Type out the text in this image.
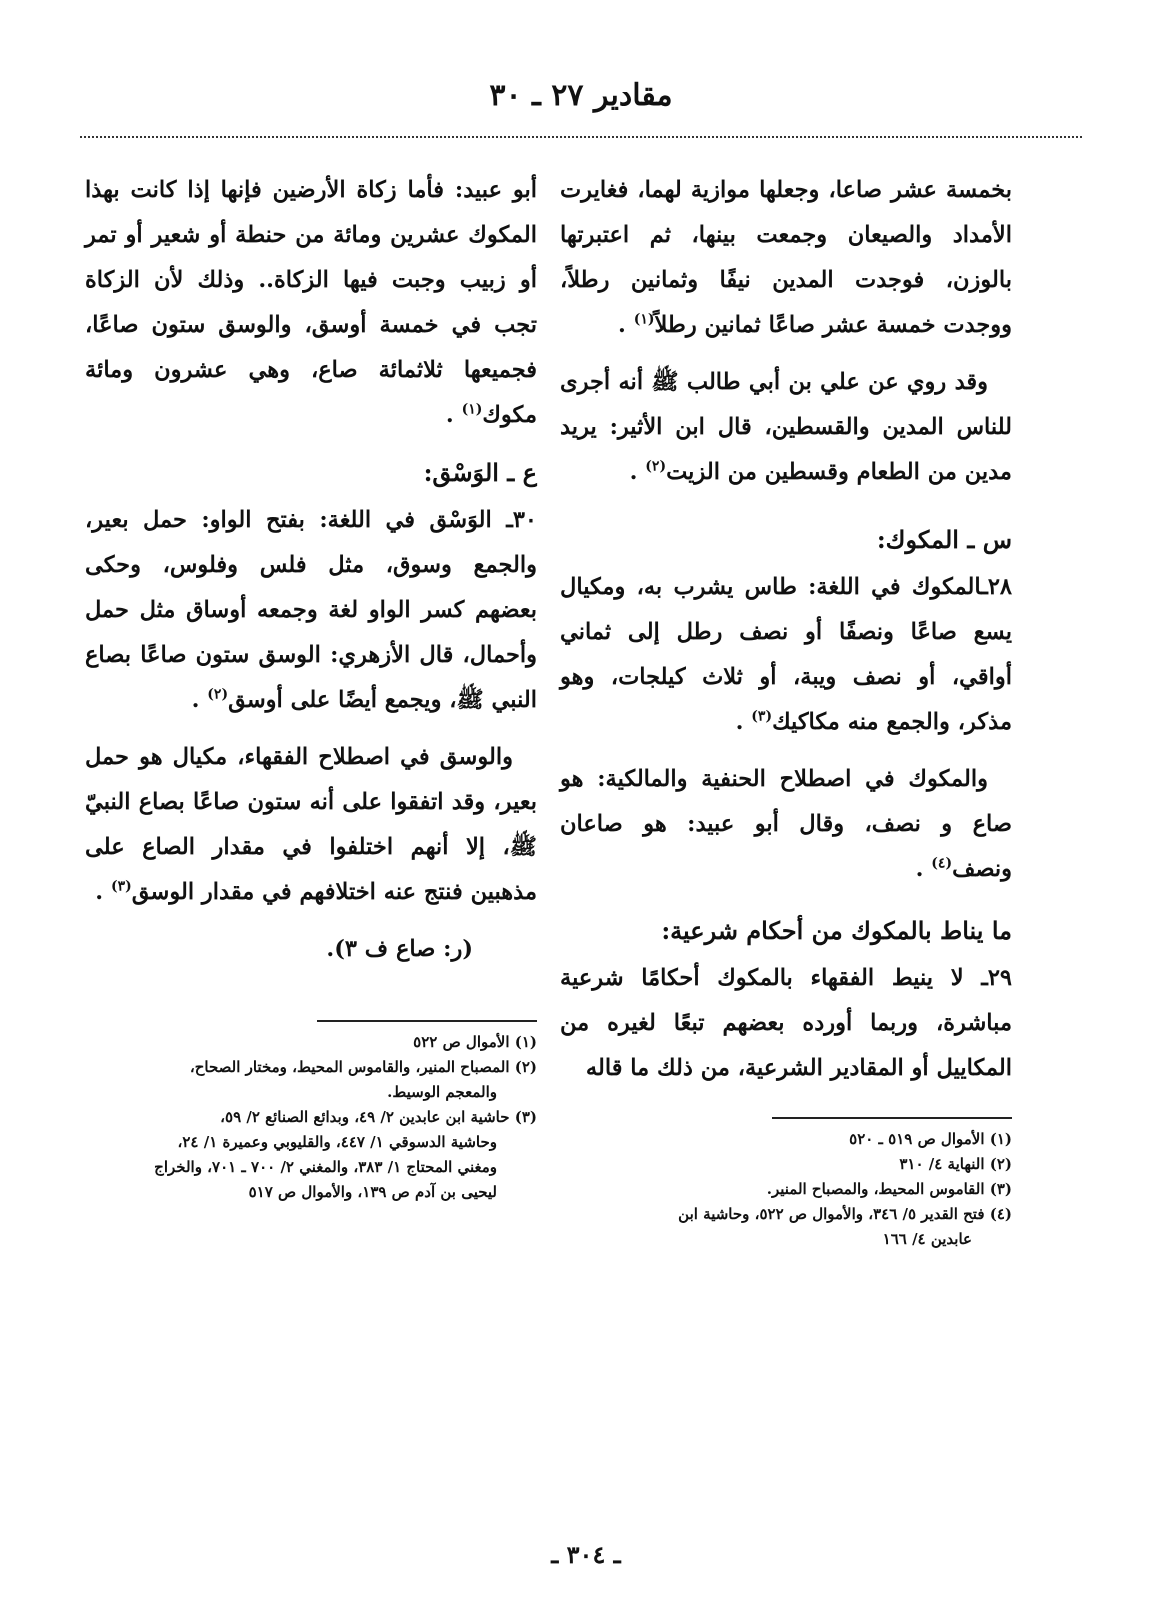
مقادير ٢٧ ـ ٣٠

بخمسة عشر صاعا، وجعلها موازية لهما، فغايرت الأمداد والصيعان وجمعت بينها، ثم اعتبرتها بالوزن، فوجدت المدين نيفًا وثمانين رطلاً، ووجدت خمسة عشر صاعًا ثمانين رطلاً$^{(١)}$ .

وقد روي عن علي بن أبي طالب ﷺ أنه أجرى للناس المدين والقسطين، قال ابن الأثير: يريد مدين من الطعام وقسطين من الزيت$^{(٢)}$ .

س ـ المكوك:

٢٨ـالمكوك في اللغة: طاس يشرب به، ومكيال يسع صاعًا ونصفًا أو نصف رطل إلى ثماني أواقي، أو نصف ويبة، أو ثلاث كيلجات، وهو مذكر، والجمع منه مكاكيك$^{(٣)}$ .

والمكوك في اصطلاح الحنفية والمالكية: هو صاع و نصف، وقال أبو عبيد: هو صاعان ونصف$^{(٤)}$ .

ما يناط بالمكوك من أحكام شرعية:

٢٩ـ لا ينيط الفقهاء بالمكوك أحكامًا شرعية مباشرة، وربما أورده بعضهم تبعًا لغيره من المكاييل أو المقادير الشرعية، من ذلك ما قاله

(١) الأموال ص ٥١٩ ـ ٥٢٠

(٢) النهاية ٤/ ٣١٠

(٣) القاموس المحيط، والمصباح المنير.

(٤) فتح القدير ٥/ ٣٤٦، والأموال ص ٥٢٢، وحاشية ابن

عابدين ٤/ ١٦٦

أبو عبيد: فأما زكاة الأرضين فإنها إذا كانت بهذا المكوك عشرين ومائة من حنطة أو شعير أو تمر أو زبيب وجبت فيها الزكاة.. وذلك لأن الزكاة تجب في خمسة أوسق، والوسق ستون صاعًا، فجميعها ثلاثمائة صاع، وهي عشرون ومائة مكوك$^{(١)}$ .

ع ـ الوَسْق:

٣٠ـ الوَسْق في اللغة: بفتح الواو: حمل بعير، والجمع وسوق، مثل فلس وفلوس، وحكى بعضهم كسر الواو لغة وجمعه أوساق مثل حمل وأحمال، قال الأزهري: الوسق ستون صاعًا بصاع النبي ﷺ، ويجمع أيضًا على أوسق$^{(٢)}$ .

والوسق في اصطلاح الفقهاء، مكيال هو حمل بعير، وقد اتفقوا على أنه ستون صاعًا بصاع النبيّ ﷺ، إلا أنهم اختلفوا في مقدار الصاع على مذهبين فنتج عنه اختلافهم في مقدار الوسق$^{(٣)}$ .

(ر: صاع ف ٣).

(١) الأموال ص ٥٢٢

(٢) المصباح المنير، والقاموس المحيط، ومختار الصحاح،

والمعجم الوسيط.

(٣) حاشية ابن عابدين ٢/ ٤٩، وبدائع الصنائع ٢/ ٥٩،

وحاشية الدسوقي ١/ ٤٤٧، والقليوبي وعميرة ١/ ٢٤،

ومغني المحتاج ١/ ٣٨٣، والمغني ٢/ ٧٠٠ ـ ٧٠١، والخراج

ليحيى بن آدم ص ١٣٩، والأموال ص ٥١٧

ـ ٣٠٤ ـ
